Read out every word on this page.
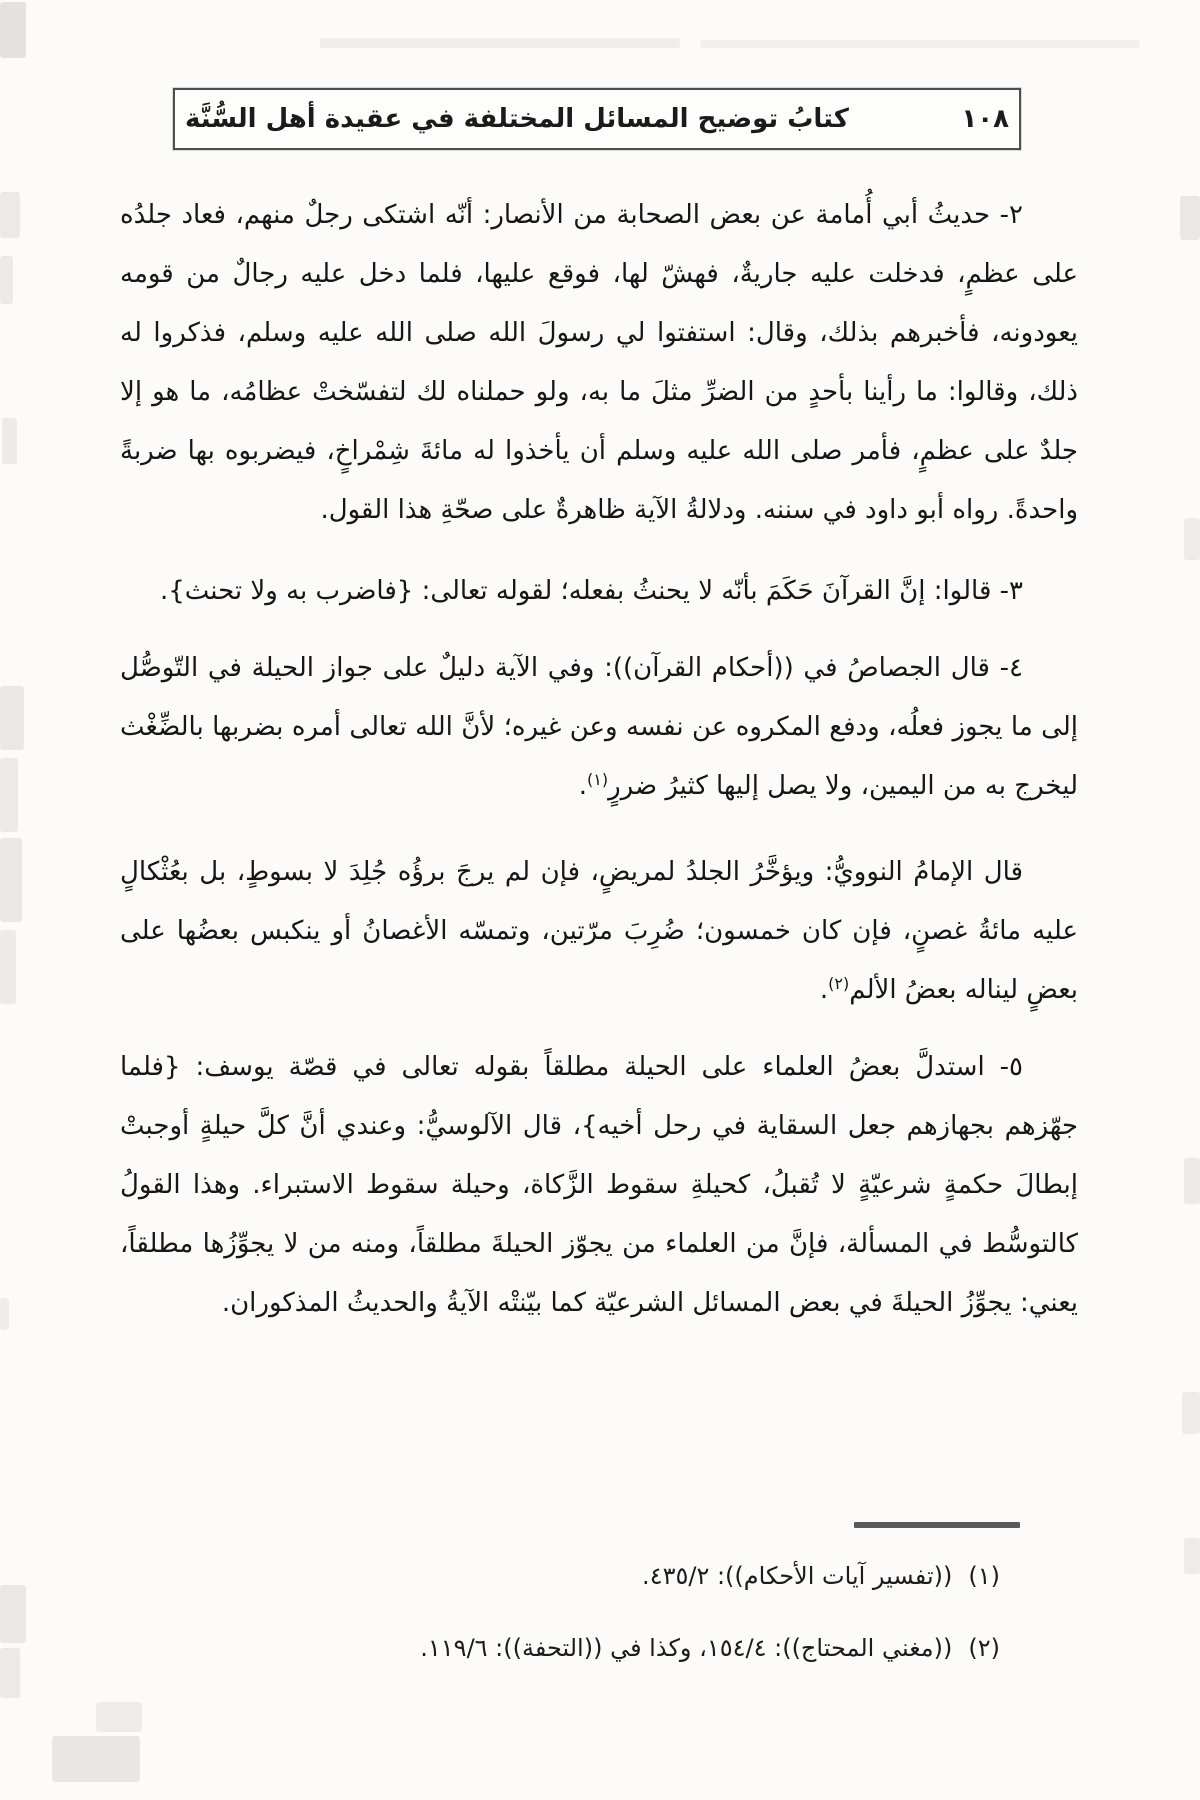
كتابُ توضيح المسائل المختلفة في عقيدة أهل السُّنَّة	١٠٨

٢- حديثُ أبي أُمامة عن بعض الصحابة من الأنصار: أنّه اشتكى رجلٌ منهم، فعاد جلدُه على عظمٍ، فدخلت عليه جاريةٌ، فهشّ لها، فوقع عليها، فلما دخل عليه رجالٌ من قومه يعودونه، فأخبرهم بذلك، وقال: استفتوا لي رسولَ الله صلى الله عليه وسلم، فذكروا له ذلك، وقالوا: ما رأينا بأحدٍ من الضرِّ مثلَ ما به، ولو حملناه لك لتفسّختْ عظامُه، ما هو إلا جلدٌ على عظمٍ، فأمر صلى الله عليه وسلم أن يأخذوا له مائةَ شِمْراخٍ، فيضربوه بها ضربةً واحدةً. رواه أبو داود في سننه. ودلالةُ الآية ظاهرةٌ على صحّةِ هذا القول.

٣- قالوا: إنَّ القرآنَ حَكَمَ بأنّه لا يحنثُ بفعله؛ لقوله تعالى: {فاضرب به ولا تحنث}.

٤- قال الجصاصُ في ((أحكام القرآن)): وفي الآية دليلٌ على جواز الحيلة في التّوصُّل إلى ما يجوز فعلُه، ودفع المكروه عن نفسه وعن غيره؛ لأنَّ الله تعالى أمره بضربها بالضِّغْث ليخرج به من اليمين، ولا يصل إليها كثيرُ ضررٍ$^{(١)}$.

قال الإمامُ النوويُّ: ويؤخَّرُ الجلدُ لمريضٍ، فإن لم يرجَ برؤُه جُلِدَ لا بسوطٍ، بل بعُثْكالٍ عليه مائةُ غصنٍ، فإن كان خمسون؛ ضُرِبَ مرّتين، وتمسّه الأغصانُ أو ينكبس بعضُها على بعضٍ ليناله بعضُ الألم$^{(٢)}$.

٥- استدلَّ بعضُ العلماء على الحيلة مطلقاً بقوله تعالى في قصّة يوسف: {فلما جهّزهم بجهازهم جعل السقاية في رحل أخيه}، قال الآلوسيُّ: وعندي أنَّ كلَّ حيلةٍ أوجبتْ إبطالَ حكمةٍ شرعيّةٍ لا تُقبلُ، كحيلةِ سقوط الزَّكاة، وحيلة سقوط الاستبراء. وهذا القولُ كالتوسُّط في المسألة، فإنَّ من العلماء من يجوّز الحيلةَ مطلقاً، ومنه من لا يجوِّزُها مطلقاً، يعني: يجوِّزُ الحيلةَ في بعض المسائل الشرعيّة كما بيّنتْه الآيةُ والحديثُ المذكوران.

(١)
((تفسير آيات الأحكام)): ٤٣٥/٢.
(٢)
((مغني المحتاج)): ١٥٤/٤، وكذا في ((التحفة)): ١١٩/٦.
